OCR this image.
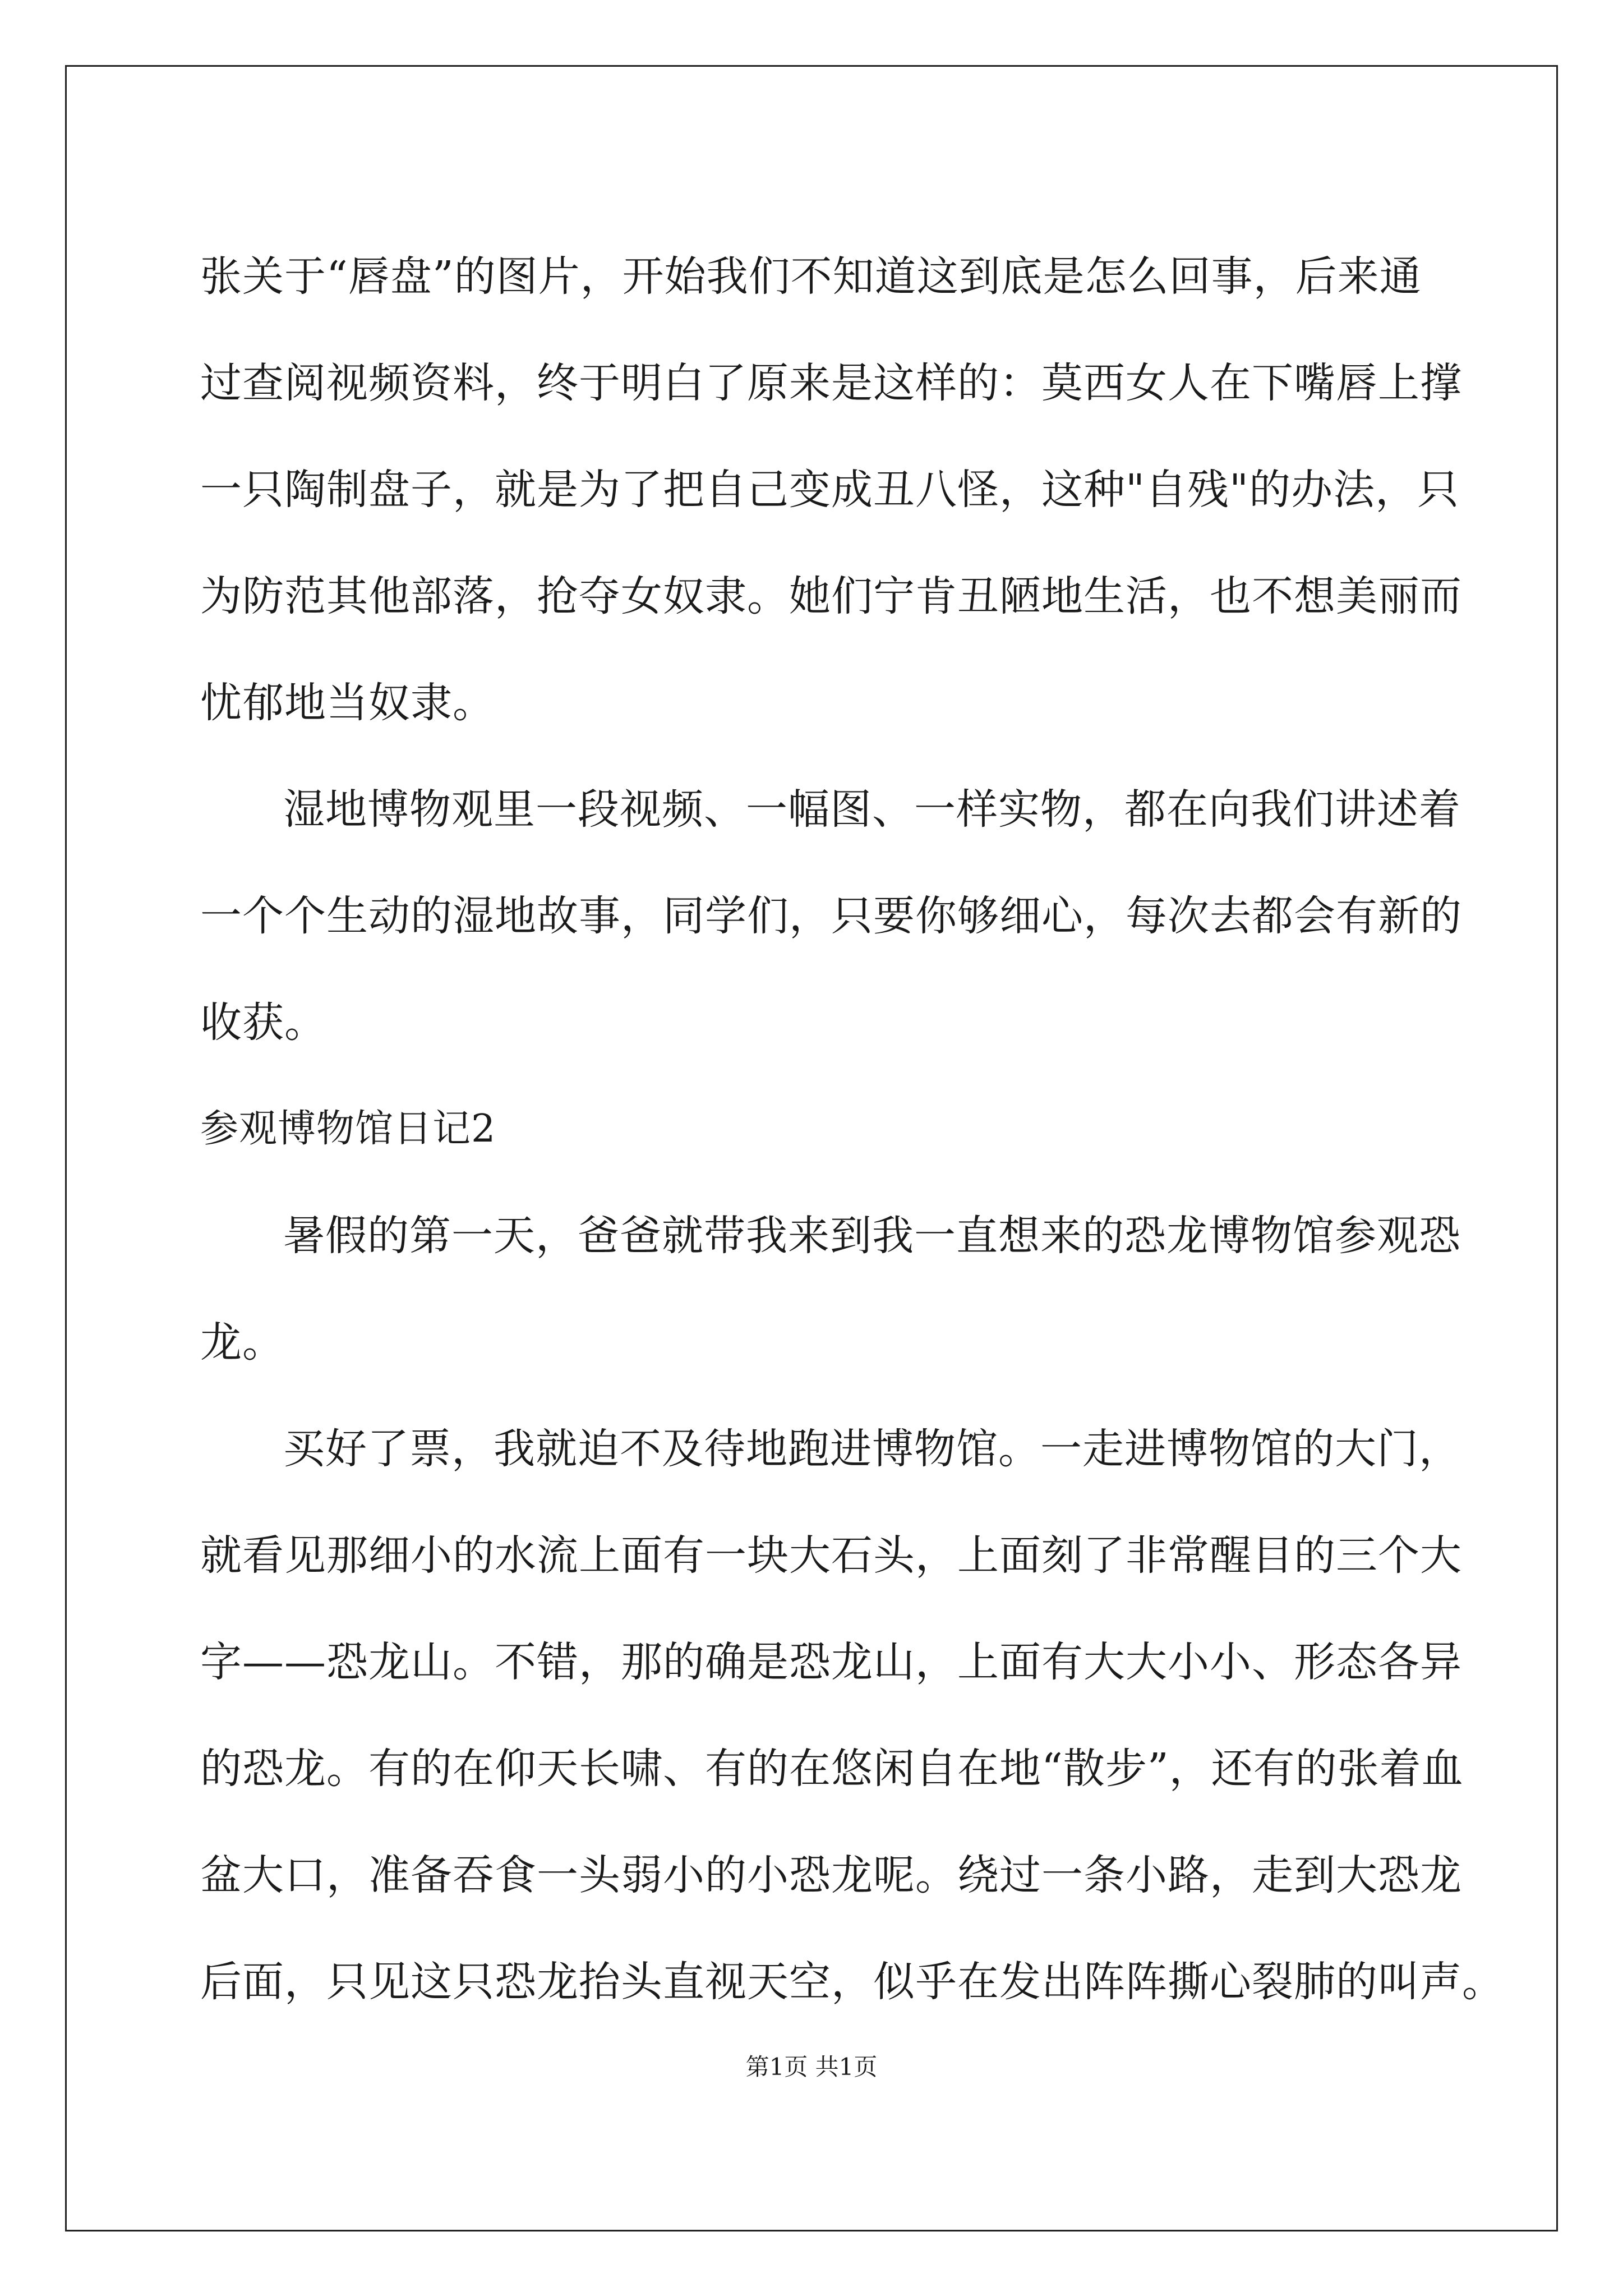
张关于“唇盘”的图片，开始我们不知道这到底是怎么回事，后来通
过查阅视频资料，终于明白了原来是这样的：莫西女人在下嘴唇上撑
一只陶制盘子，就是为了把自己变成丑八怪，这种"自残"的办法，只
为防范其他部落，抢夺女奴隶。她们宁肯丑陋地生活，也不想美丽而
忧郁地当奴隶。
湿地博物观里一段视频、一幅图、一样实物，都在向我们讲述着
一个个生动的湿地故事，同学们，只要你够细心，每次去都会有新的
收获。
参观博物馆日记2
暑假的第一天，爸爸就带我来到我一直想来的恐龙博物馆参观恐
龙。
买好了票，我就迫不及待地跑进博物馆。一走进博物馆的大门，
就看见那细小的水流上面有一块大石头，上面刻了非常醒目的三个大
字——恐龙山。不错，那的确是恐龙山，上面有大大小小、形态各异
的恐龙。有的在仰天长啸、有的在悠闲自在地“散步”，还有的张着血
盆大口，准备吞食一头弱小的小恐龙呢。绕过一条小路，走到大恐龙
后面，只见这只恐龙抬头直视天空，似乎在发出阵阵撕心裂肺的叫声。
第1页 共1页
